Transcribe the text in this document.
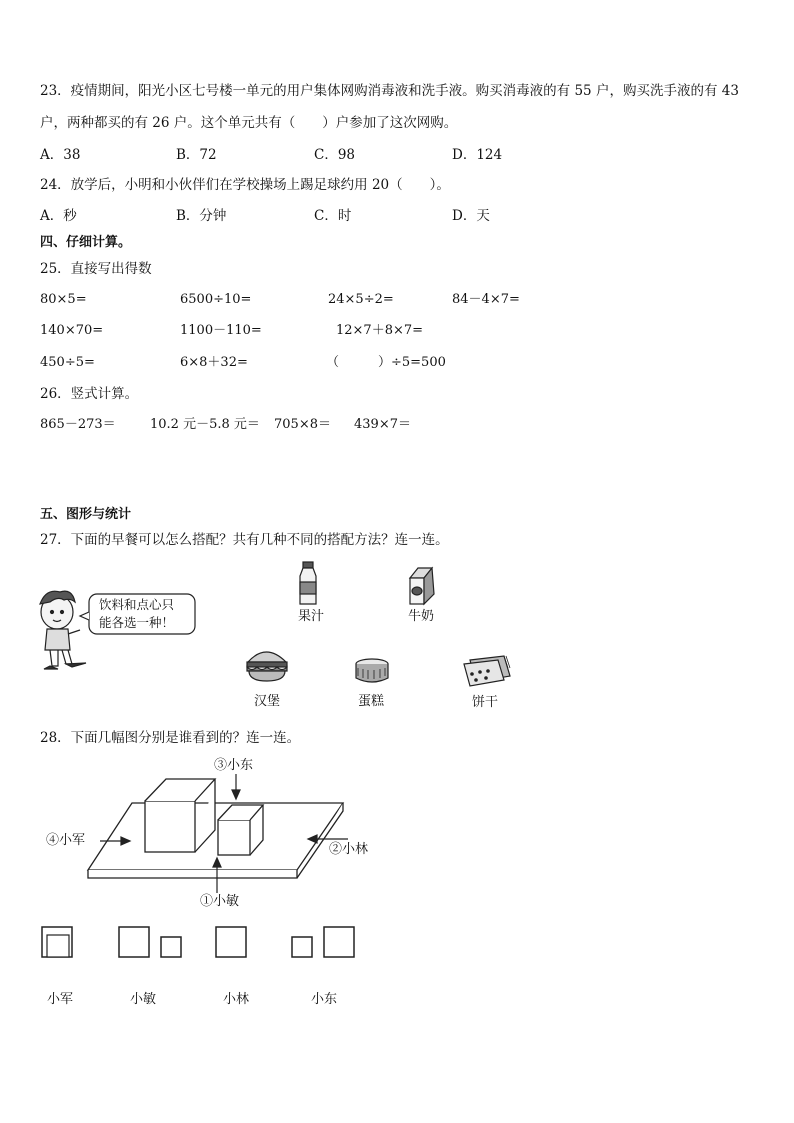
23．疫情期间，阳光小区七号楼一单元的用户集体网购消毒液和洗手液。购买消毒液的有 55 户，购买洗手液的有 43
户，两种都买的有 26 户。这个单元共有（　　）户参加了这次网购。
A．38	B．72	C．98	D．124
24．放学后，小明和小伙伴们在学校操场上踢足球约用 20（　　）。
A．秒	B．分钟	C．时	D．天
四、仔细计算。
25．直接写出得数
80×5=	6500÷10=	24×5÷2=	84－4×7=
140×70=	1100－110=	12×7＋8×7=
450÷5=	6×8＋32=	（　　　）÷5=500
26．竖式计算。
865－273＝	10.2 元－5.8 元＝ 705×8＝ 439×7＝
五、图形与统计
27．下面的早餐可以怎么搭配？共有几种不同的搭配方法？连一连。
饮料和点心只
能各选一种！	果汁	牛奶
汉堡	蛋糕	饼干
28．下面几幅图分别是谁看到的？连一连。
③小东
④小军
②小林
①小敏
小军	小敏	小林	小东
